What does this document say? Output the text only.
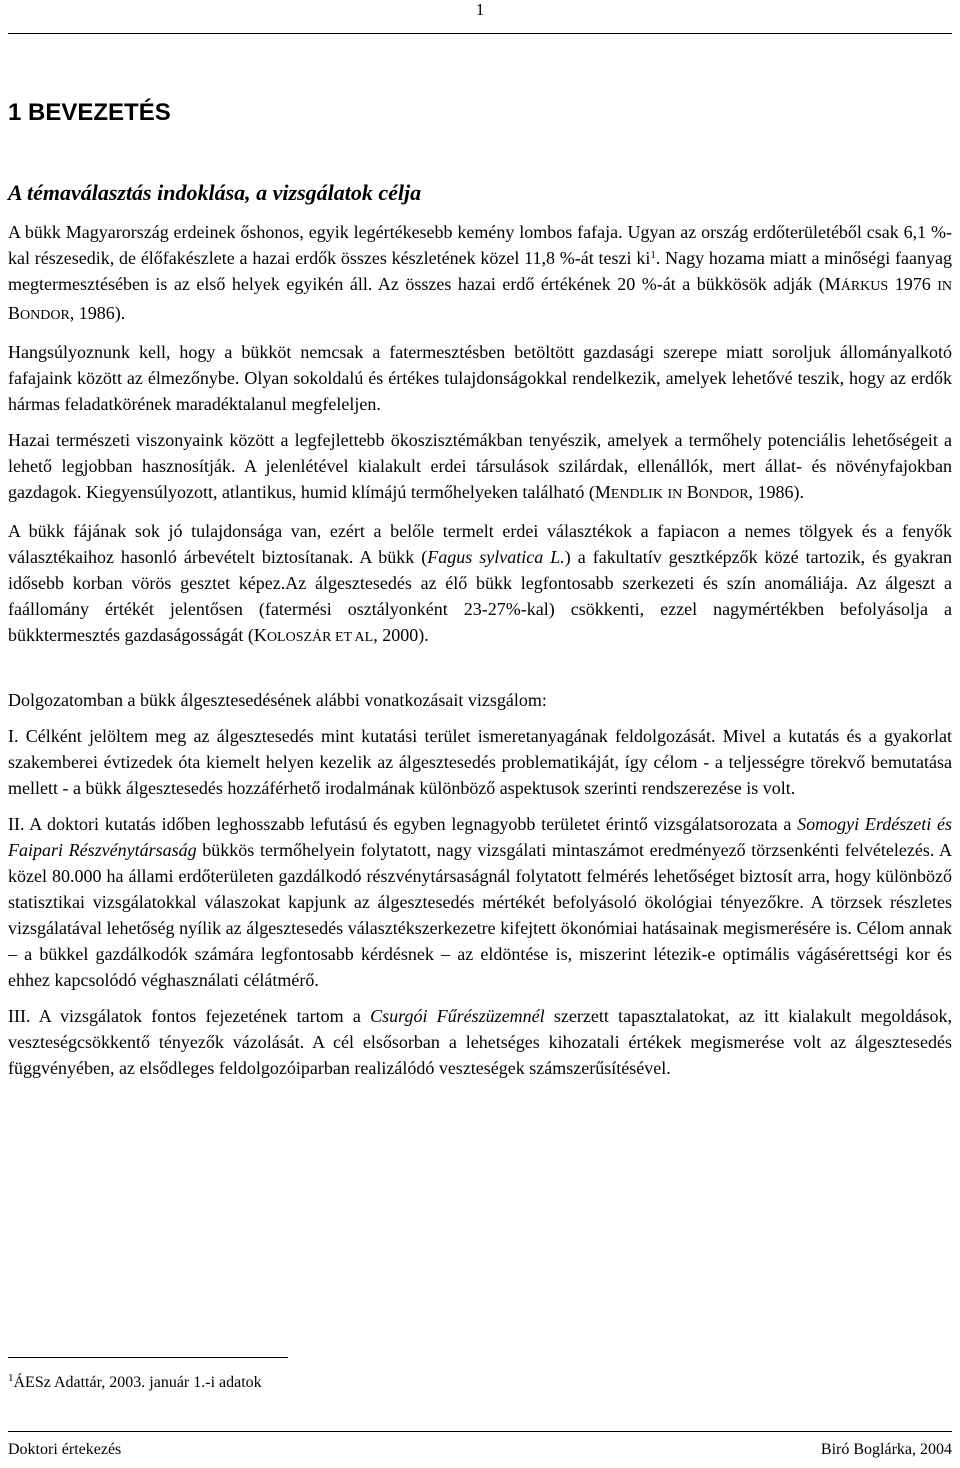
1
1 BEVEZETÉS
A témaválasztás indoklása, a vizsgálatok célja

A bükk Magyarország erdeinek őshonos, egyik legértékesebb kemény lombos fafaja. Ugyan az ország erdőterületéből csak 6,1 %-kal részesedik, de élőfakészlete a hazai erdők összes készletének közel 11,8 %-át teszi $ki^1$. Nagy hozama miatt a minőségi faanyag megtermesztésében is az első helyek egyikén áll. Az összes hazai erdő értékének 20 %-át a bükkösök adják (MÁRKUS 1976 IN BONDOR, 1986).

Hangsúlyoznunk kell, hogy a bükköt nemcsak a fatermesztésben betöltött gazdasági szerepe miatt soroljuk állományalkotó fafajaink között az élmezőnybe. Olyan sokoldalú és értékes tulajdonságokkal rendelkezik, amelyek lehetővé teszik, hogy az erdők hármas feladatkörének maradéktalanul megfeleljen.

Hazai természeti viszonyaink között a legfejlettebb ökoszisztémákban tenyészik, amelyek a termőhely potenciális lehetőségeit a lehető legjobban hasznosítják. A jelenlétével kialakult erdei társulások szilárdak, ellenállók, mert állat- és növényfajokban gazdagok. Kiegyensúlyozott, atlantikus, humid klímájú termőhelyeken található (MENDLIK IN BONDOR, 1986).

A bükk fájának sok jó tulajdonsága van, ezért a belőle termelt erdei választékok a fapiacon a nemes tölgyek és a fenyők választékaihoz hasonló árbevételt biztosítanak. A bükk (Fagus sylvatica L.) a fakultatív gesztképzők közé tartozik, és gyakran idősebb korban vörös gesztet képez.Az álgesztesedés az élő bükk legfontosabb szerkezeti és szín anomáliája. Az álgeszt a faállomány értékét jelentősen (fatermési osztályonként 23-27%-kal) csökkenti, ezzel nagymértékben befolyásolja a bükktermesztés gazdaságosságát (KOLOSZÁR ET AL, 2000).

Dolgozatomban a bükk álgesztesedésének alábbi vonatkozásait vizsgálom:

I. Célként jelöltem meg az álgesztesedés mint kutatási terület ismeretanyagának feldolgozását. Mivel a kutatás és a gyakorlat szakemberei évtizedek óta kiemelt helyen kezelik az álgesztesedés problematikáját, így célom - a teljességre törekvő bemutatása mellett - a bükk álgesztesedés hozzáférhető irodalmának különböző aspektusok szerinti rendszerezése is volt.

II. A doktori kutatás időben leghosszabb lefutású és egyben legnagyobb területet érintő vizsgálatsorozata a Somogyi Erdészeti és Faipari Részvénytársaság bükkös termőhelyein folytatott, nagy vizsgálati mintaszámot eredményező törzsenkénti felvételezés. A közel 80.000 ha állami erdőterületen gazdálkodó részvénytársaságnál folytatott felmérés lehetőséget biztosít arra, hogy különböző statisztikai vizsgálatokkal válaszokat kapjunk az álgesztesedés mértékét befolyásoló ökológiai tényezőkre. A törzsek részletes vizsgálatával lehetőség nyílik az álgesztesedés választékszerkezetre kifejtett ökonómiai hatásainak megismerésére is. Célom annak – a bükkel gazdálkodók számára legfontosabb kérdésnek – az eldöntése is, miszerint létezik-e optimális vágásérettségi kor és ehhez kapcsolódó véghasználati célátmérő.

III. A vizsgálatok fontos fejezetének tartom a Csurgói Fűrészüzemnél szerzett tapasztalatokat, az itt kialakult megoldások, veszteségcsökkentő tényezők vázolását. A cél elsősorban a lehetséges kihozatali értékek megismerése volt az álgesztesedés függvényében, az elsődleges feldolgozóiparban realizálódó veszteségek számszerűsítésével.

$^1$ÁESz Adattár, 2003. január 1.-i adatok
Doktori értekezés	Biró Boglárka, 2004
